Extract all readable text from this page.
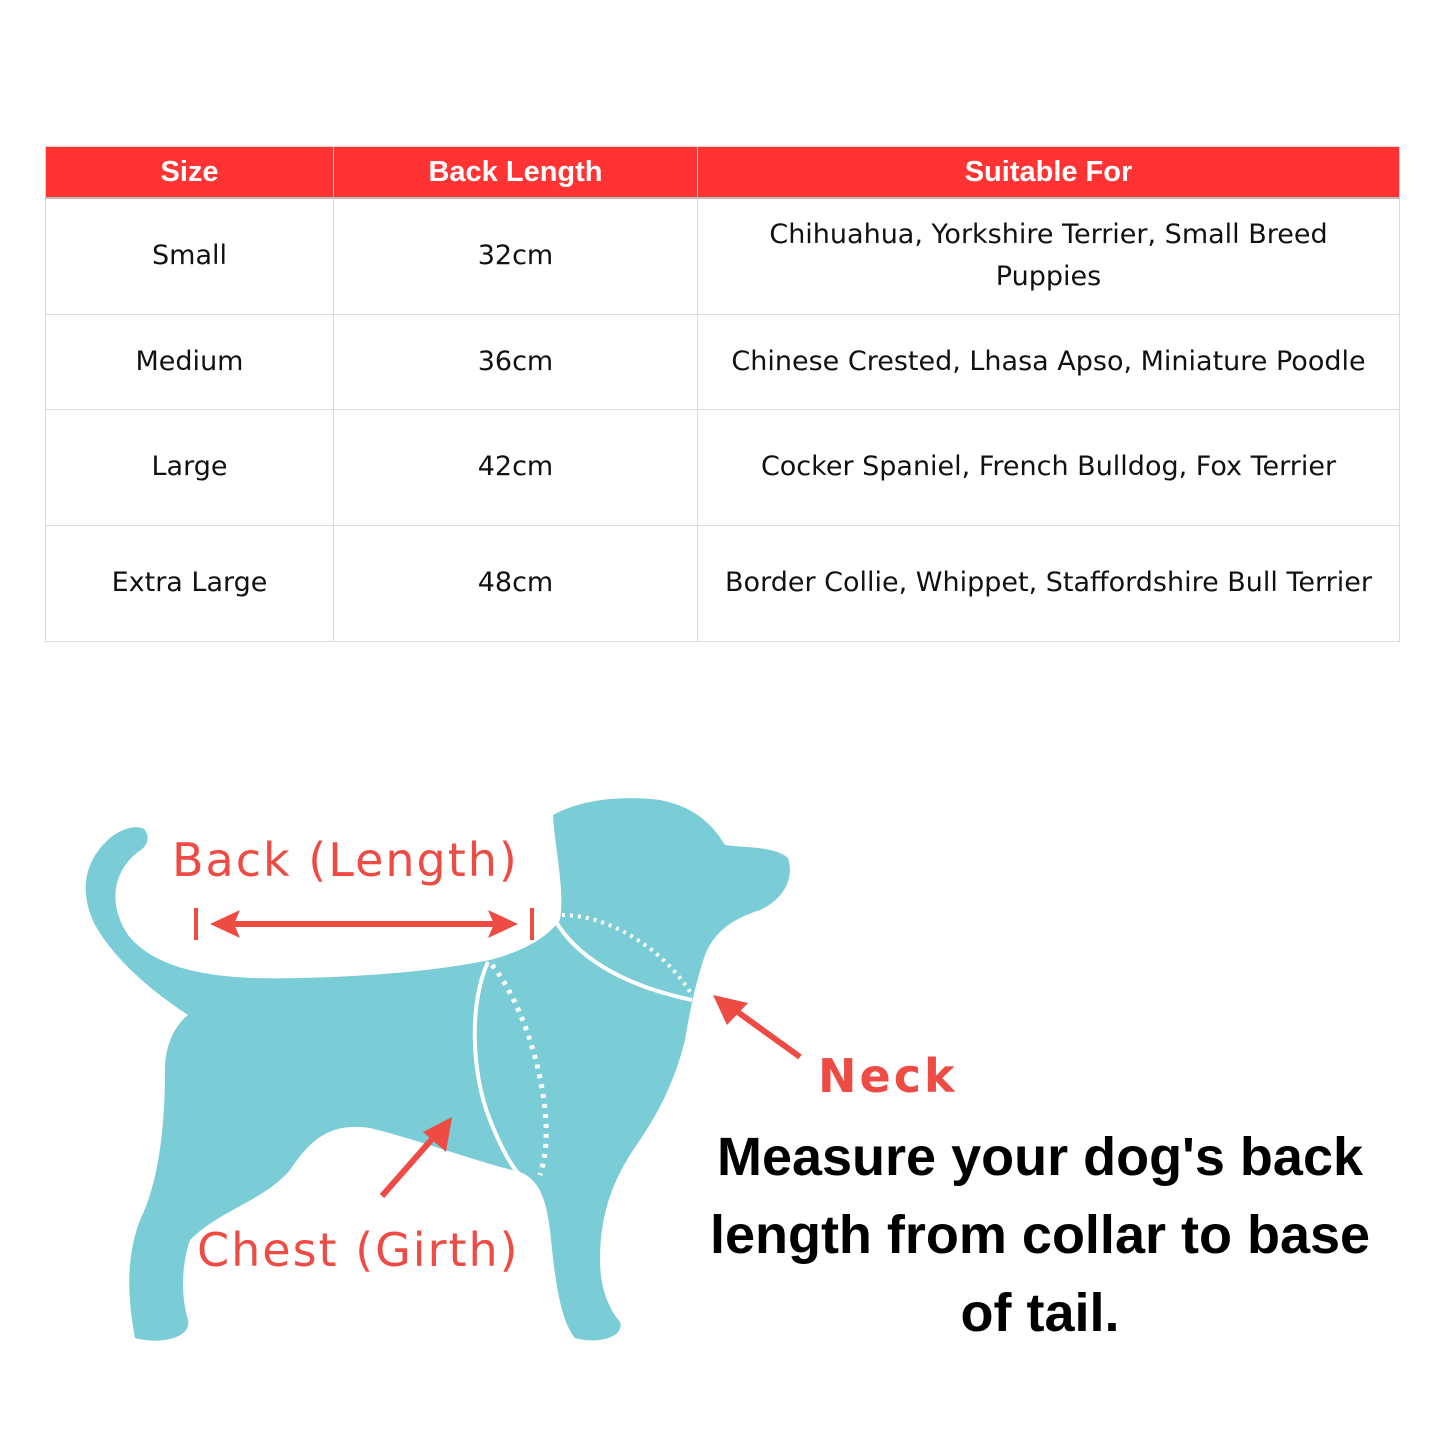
Size	Back Length	Suitable For
Small	32cm	Chihuahua, Yorkshire Terrier, Small Breed Puppies
Medium	36cm	Chinese Crested, Lhasa Apso, Miniature Poodle
Large	42cm	Cocker Spaniel, French Bulldog, Fox Terrier
Extra Large	48cm	Border Collie, Whippet, Staffordshire Bull Terrier
Back (Length)
Neck
Chest (Girth)
Measure your dog's back length from collar to base of tail.
